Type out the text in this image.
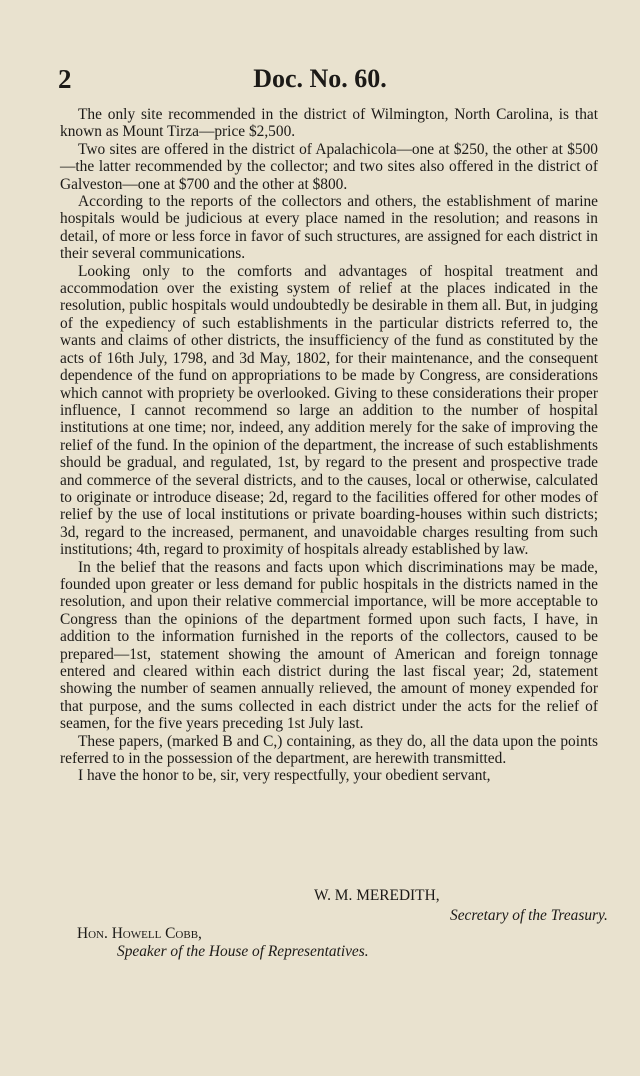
2	Doc. No. 60.

The only site recommended in the district of Wilmington, North Carolina, is that known as Mount Tirza—price $2,500.

Two sites are offered in the district of Apalachicola—one at $250, the other at $500—the latter recommended by the collector; and two sites also offered in the district of Galveston—one at $700 and the other at $800.

According to the reports of the collectors and others, the establishment of marine hospitals would be judicious at every place named in the resolution; and reasons in detail, of more or less force in favor of such structures, are assigned for each district in their several communications.

Looking only to the comforts and advantages of hospital treatment and accommodation over the existing system of relief at the places indicated in the resolution, public hospitals would undoubtedly be desirable in them all. But, in judging of the expediency of such establishments in the particular districts referred to, the wants and claims of other districts, the insufficiency of the fund as constituted by the acts of 16th July, 1798, and 3d May, 1802, for their maintenance, and the consequent dependence of the fund on appropriations to be made by Congress, are considerations which cannot with propriety be overlooked. Giving to these considerations their proper influence, I cannot recommend so large an addition to the number of hospital institutions at one time; nor, indeed, any addition merely for the sake of improving the relief of the fund. In the opinion of the department, the increase of such establishments should be gradual, and regulated, 1st, by regard to the present and prospective trade and commerce of the several districts, and to the causes, local or otherwise, calculated to originate or introduce disease; 2d, regard to the facilities offered for other modes of relief by the use of local institutions or private boarding-houses within such districts; 3d, regard to the increased, permanent, and unavoidable charges resulting from such institutions; 4th, regard to proximity of hospitals already established by law.

In the belief that the reasons and facts upon which discriminations may be made, founded upon greater or less demand for public hospitals in the districts named in the resolution, and upon their relative commercial importance, will be more acceptable to Congress than the opinions of the department formed upon such facts, I have, in addition to the information furnished in the reports of the collectors, caused to be prepared—1st, statement showing the amount of American and foreign tonnage entered and cleared within each district during the last fiscal year; 2d, statement showing the number of seamen annually relieved, the amount of money expended for that purpose, and the sums collected in each district under the acts for the relief of seamen, for the five years preceding 1st July last.

These papers, (marked B and C,) containing, as they do, all the data upon the points referred to in the possession of the department, are herewith transmitted.

I have the honor to be, sir, very respectfully, your obedient servant,

W. M. MEREDITH,
Secretary of the Treasury.
Hon. Howell Cobb,
Speaker of the House of Representatives.
